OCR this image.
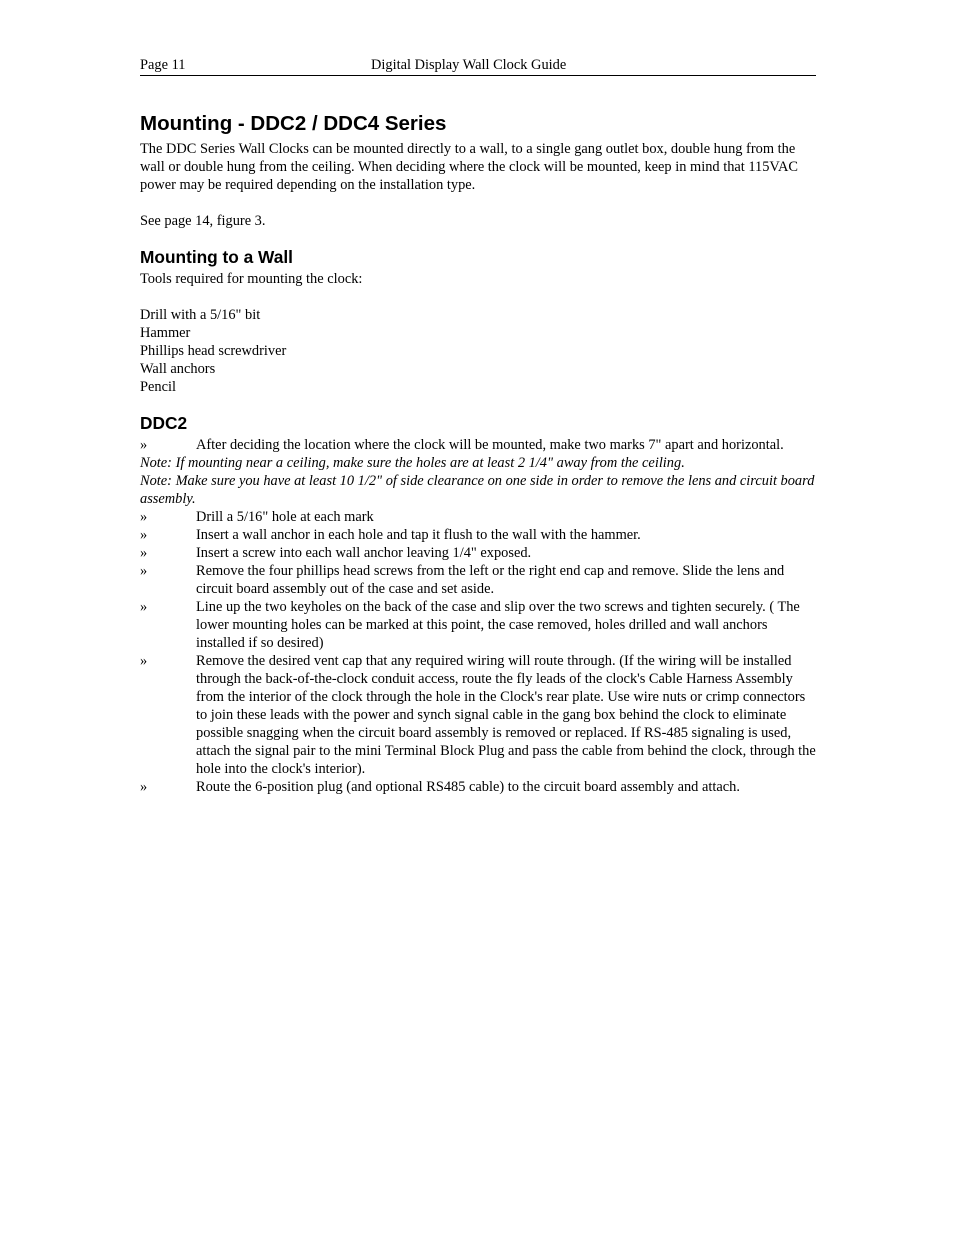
Page 11	Digital Display Wall Clock Guide
Mounting - DDC2 / DDC4 Series

The DDC Series Wall Clocks can be mounted directly to a wall, to a single gang outlet box, double hung from the wall or double hung from the ceiling. When deciding where the clock will be mounted, keep in mind that 115VAC power may be required depending on the installation type.

See page 14, figure 3.

Mounting to a Wall

Tools required for mounting the clock:

Drill with a 5/16" bit
Hammer
Phillips head screwdriver
Wall anchors
Pencil
DDC2
»	After deciding the location where the clock will be mounted, make two marks 7" apart and horizontal.

Note: If mounting near a ceiling, make sure the holes are at least 2 1/4" away from the ceiling.

Note: Make sure you have at least 10 1/2" of side clearance on one side in order to remove the lens and circuit board assembly.

»	Drill a 5/16" hole at each mark
»	Insert a wall anchor in each hole and tap it flush to the wall with the hammer.
»	Insert a screw into each wall anchor leaving 1/4" exposed.
»	Remove the four phillips head screws from the left or the right end cap and remove. Slide the lens and circuit board assembly out of the case and set aside.
»	Line up the two keyholes on the back of the case and slip over the two screws and tighten securely. ( The lower mounting holes can be marked at this point, the case removed, holes drilled and wall anchors installed if so desired)
»	Remove the desired vent cap that any required wiring will route through. (If the wiring will be installed through the back-of-the-clock conduit access, route the fly leads of the clock's Cable Harness Assembly from the interior of the clock through the hole in the Clock's rear plate. Use wire nuts or crimp connectors to join these leads with the power and synch signal cable in the gang box behind the clock to eliminate possible snagging when the circuit board assembly is removed or replaced. If RS-485 signaling is used, attach the signal pair to the mini Terminal Block Plug and pass the cable from behind the clock, through the hole into the clock's interior).
»	Route the 6-position plug (and optional RS485 cable) to the circuit board assembly and attach.
